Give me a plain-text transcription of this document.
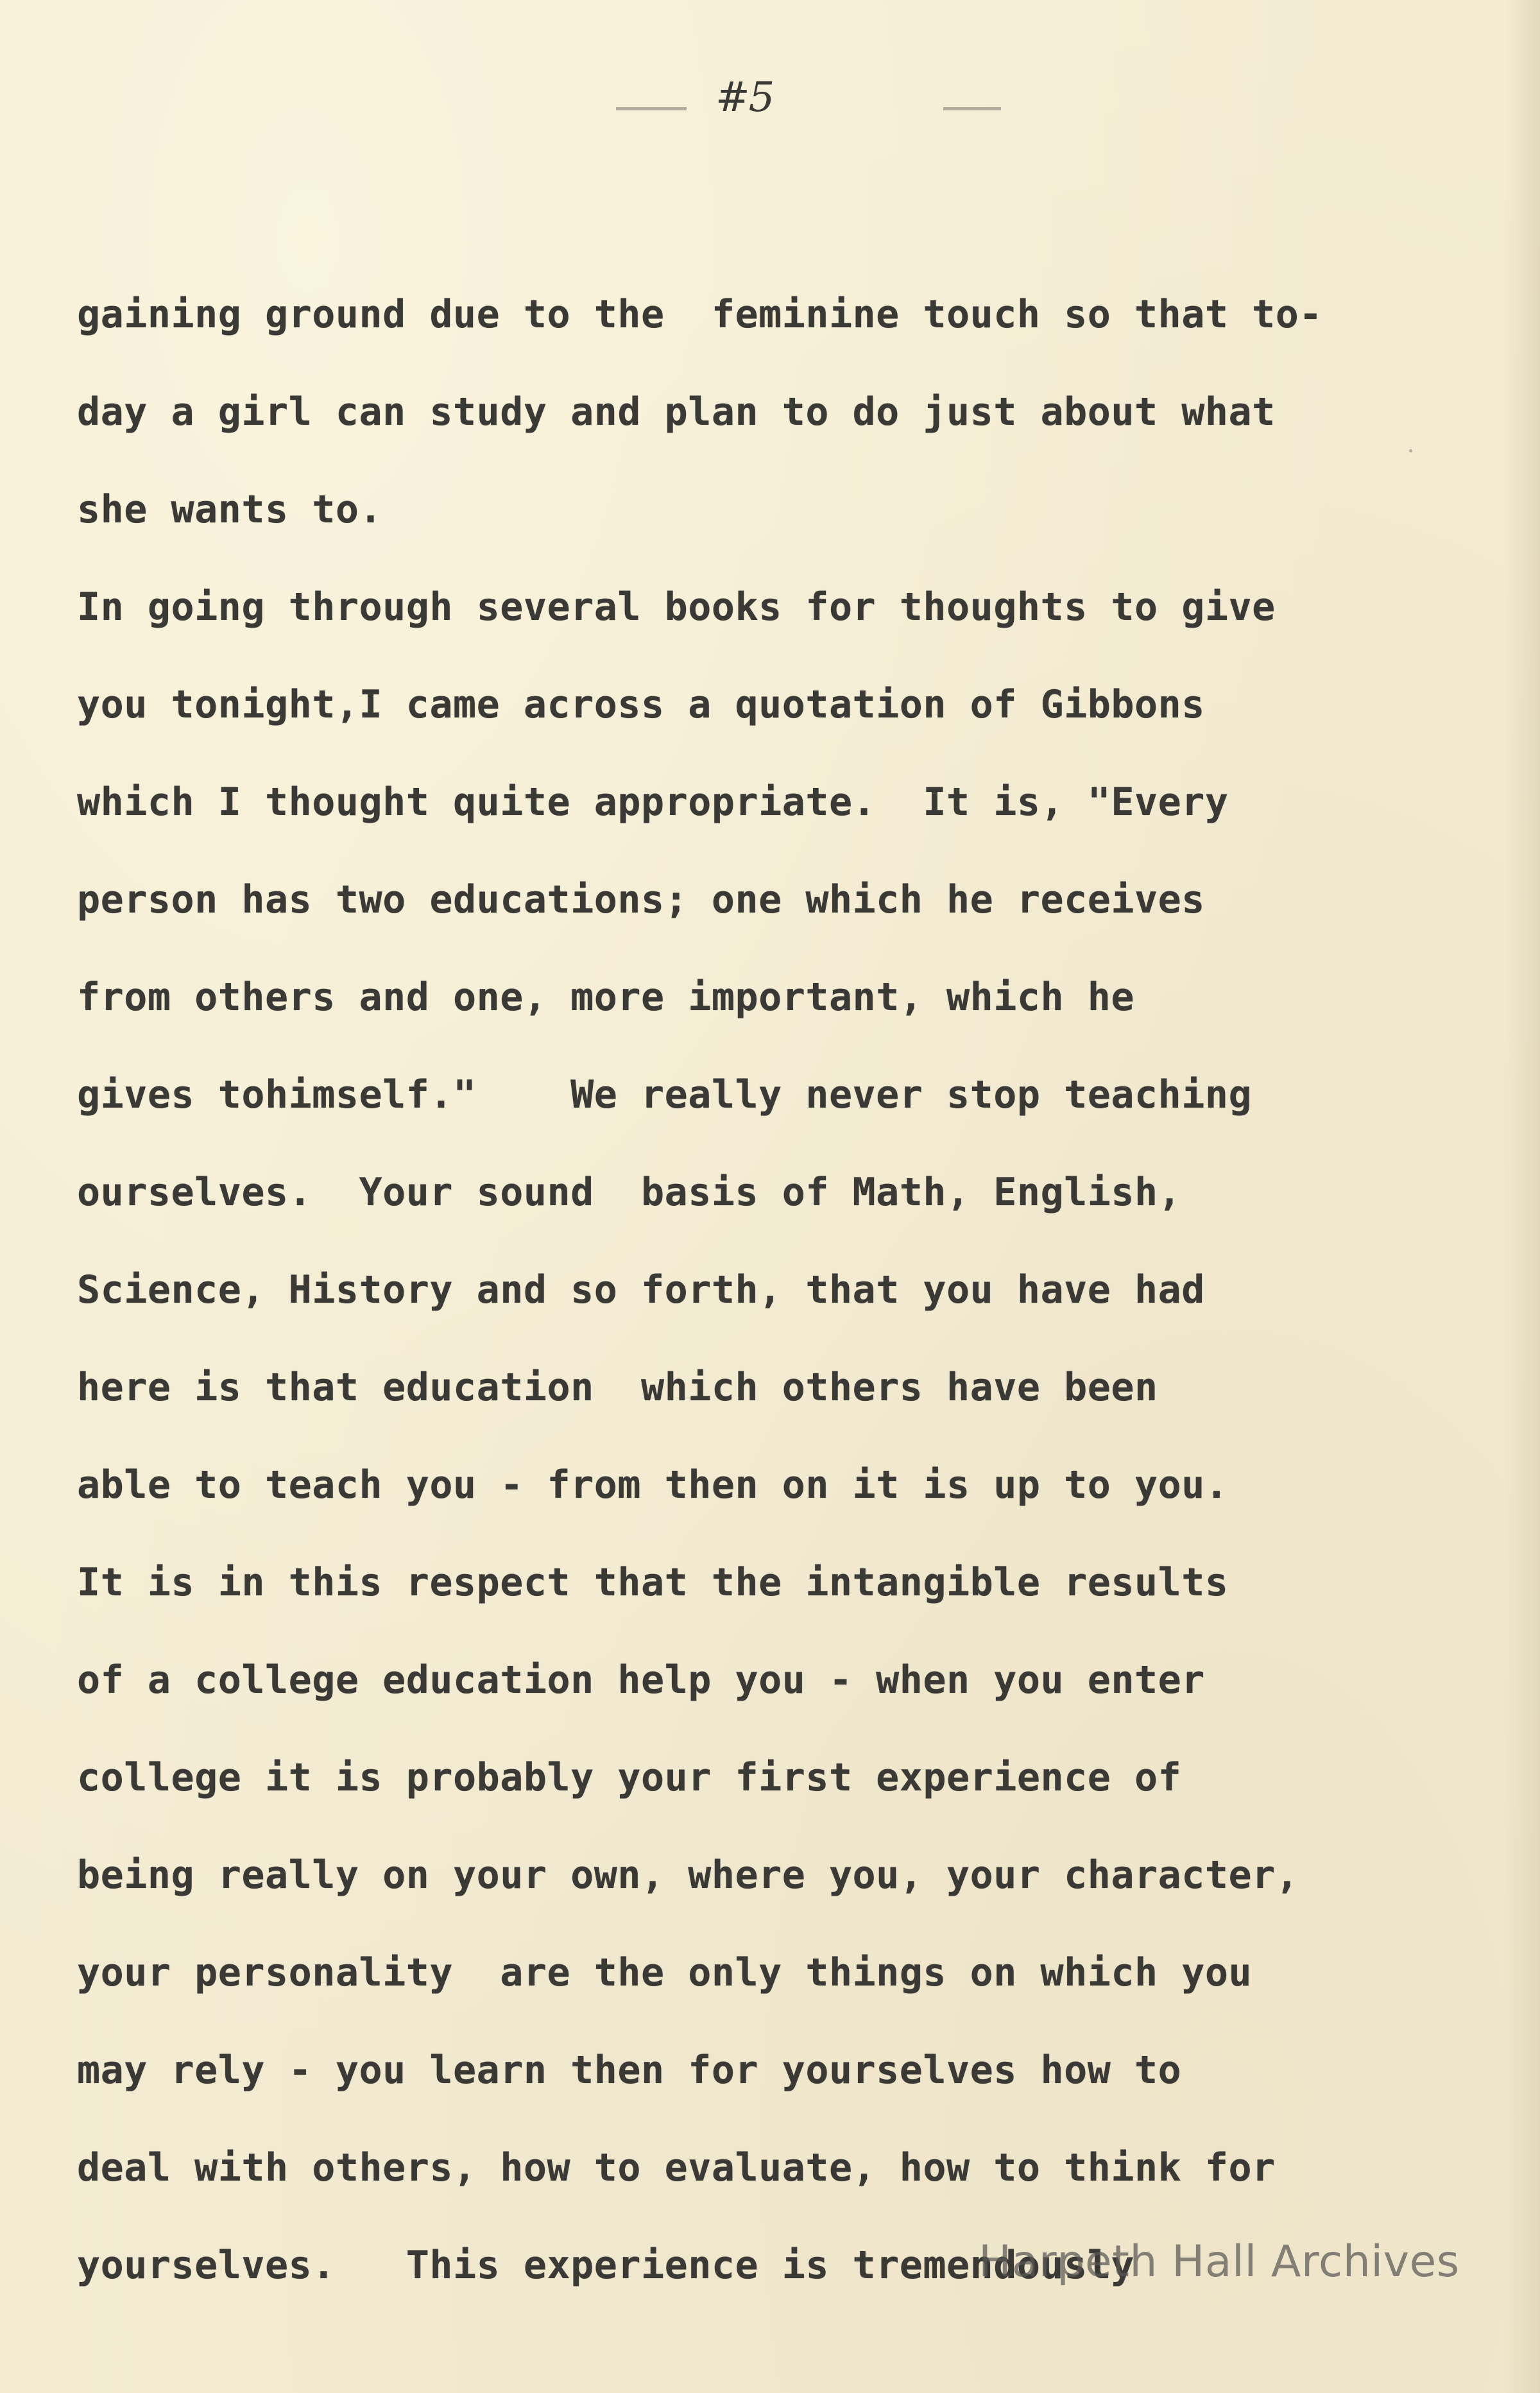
#5
gaining ground due to the  feminine touch so that to-
day a girl can study and plan to do just about what
she wants to.
In going through several books for thoughts to give
you tonight,I came across a quotation of Gibbons
which I thought quite appropriate.  It is, "Every
person has two educations; one which he receives
from others and one, more important, which he
gives tohimself."    We really never stop teaching
ourselves.  Your sound  basis of Math, English,
Science, History and so forth, that you have had
here is that education  which others have been
able to teach you - from then on it is up to you.
It is in this respect that the intangible results
of a college education help you - when you enter
college it is probably your first experience of
being really on your own, where you, your character,
your personality  are the only things on which you
may rely - you learn then for yourselves how to
deal with others, how to evaluate, how to think for
yourselves.   This experience is tremendously
Harpeth Hall Archives
